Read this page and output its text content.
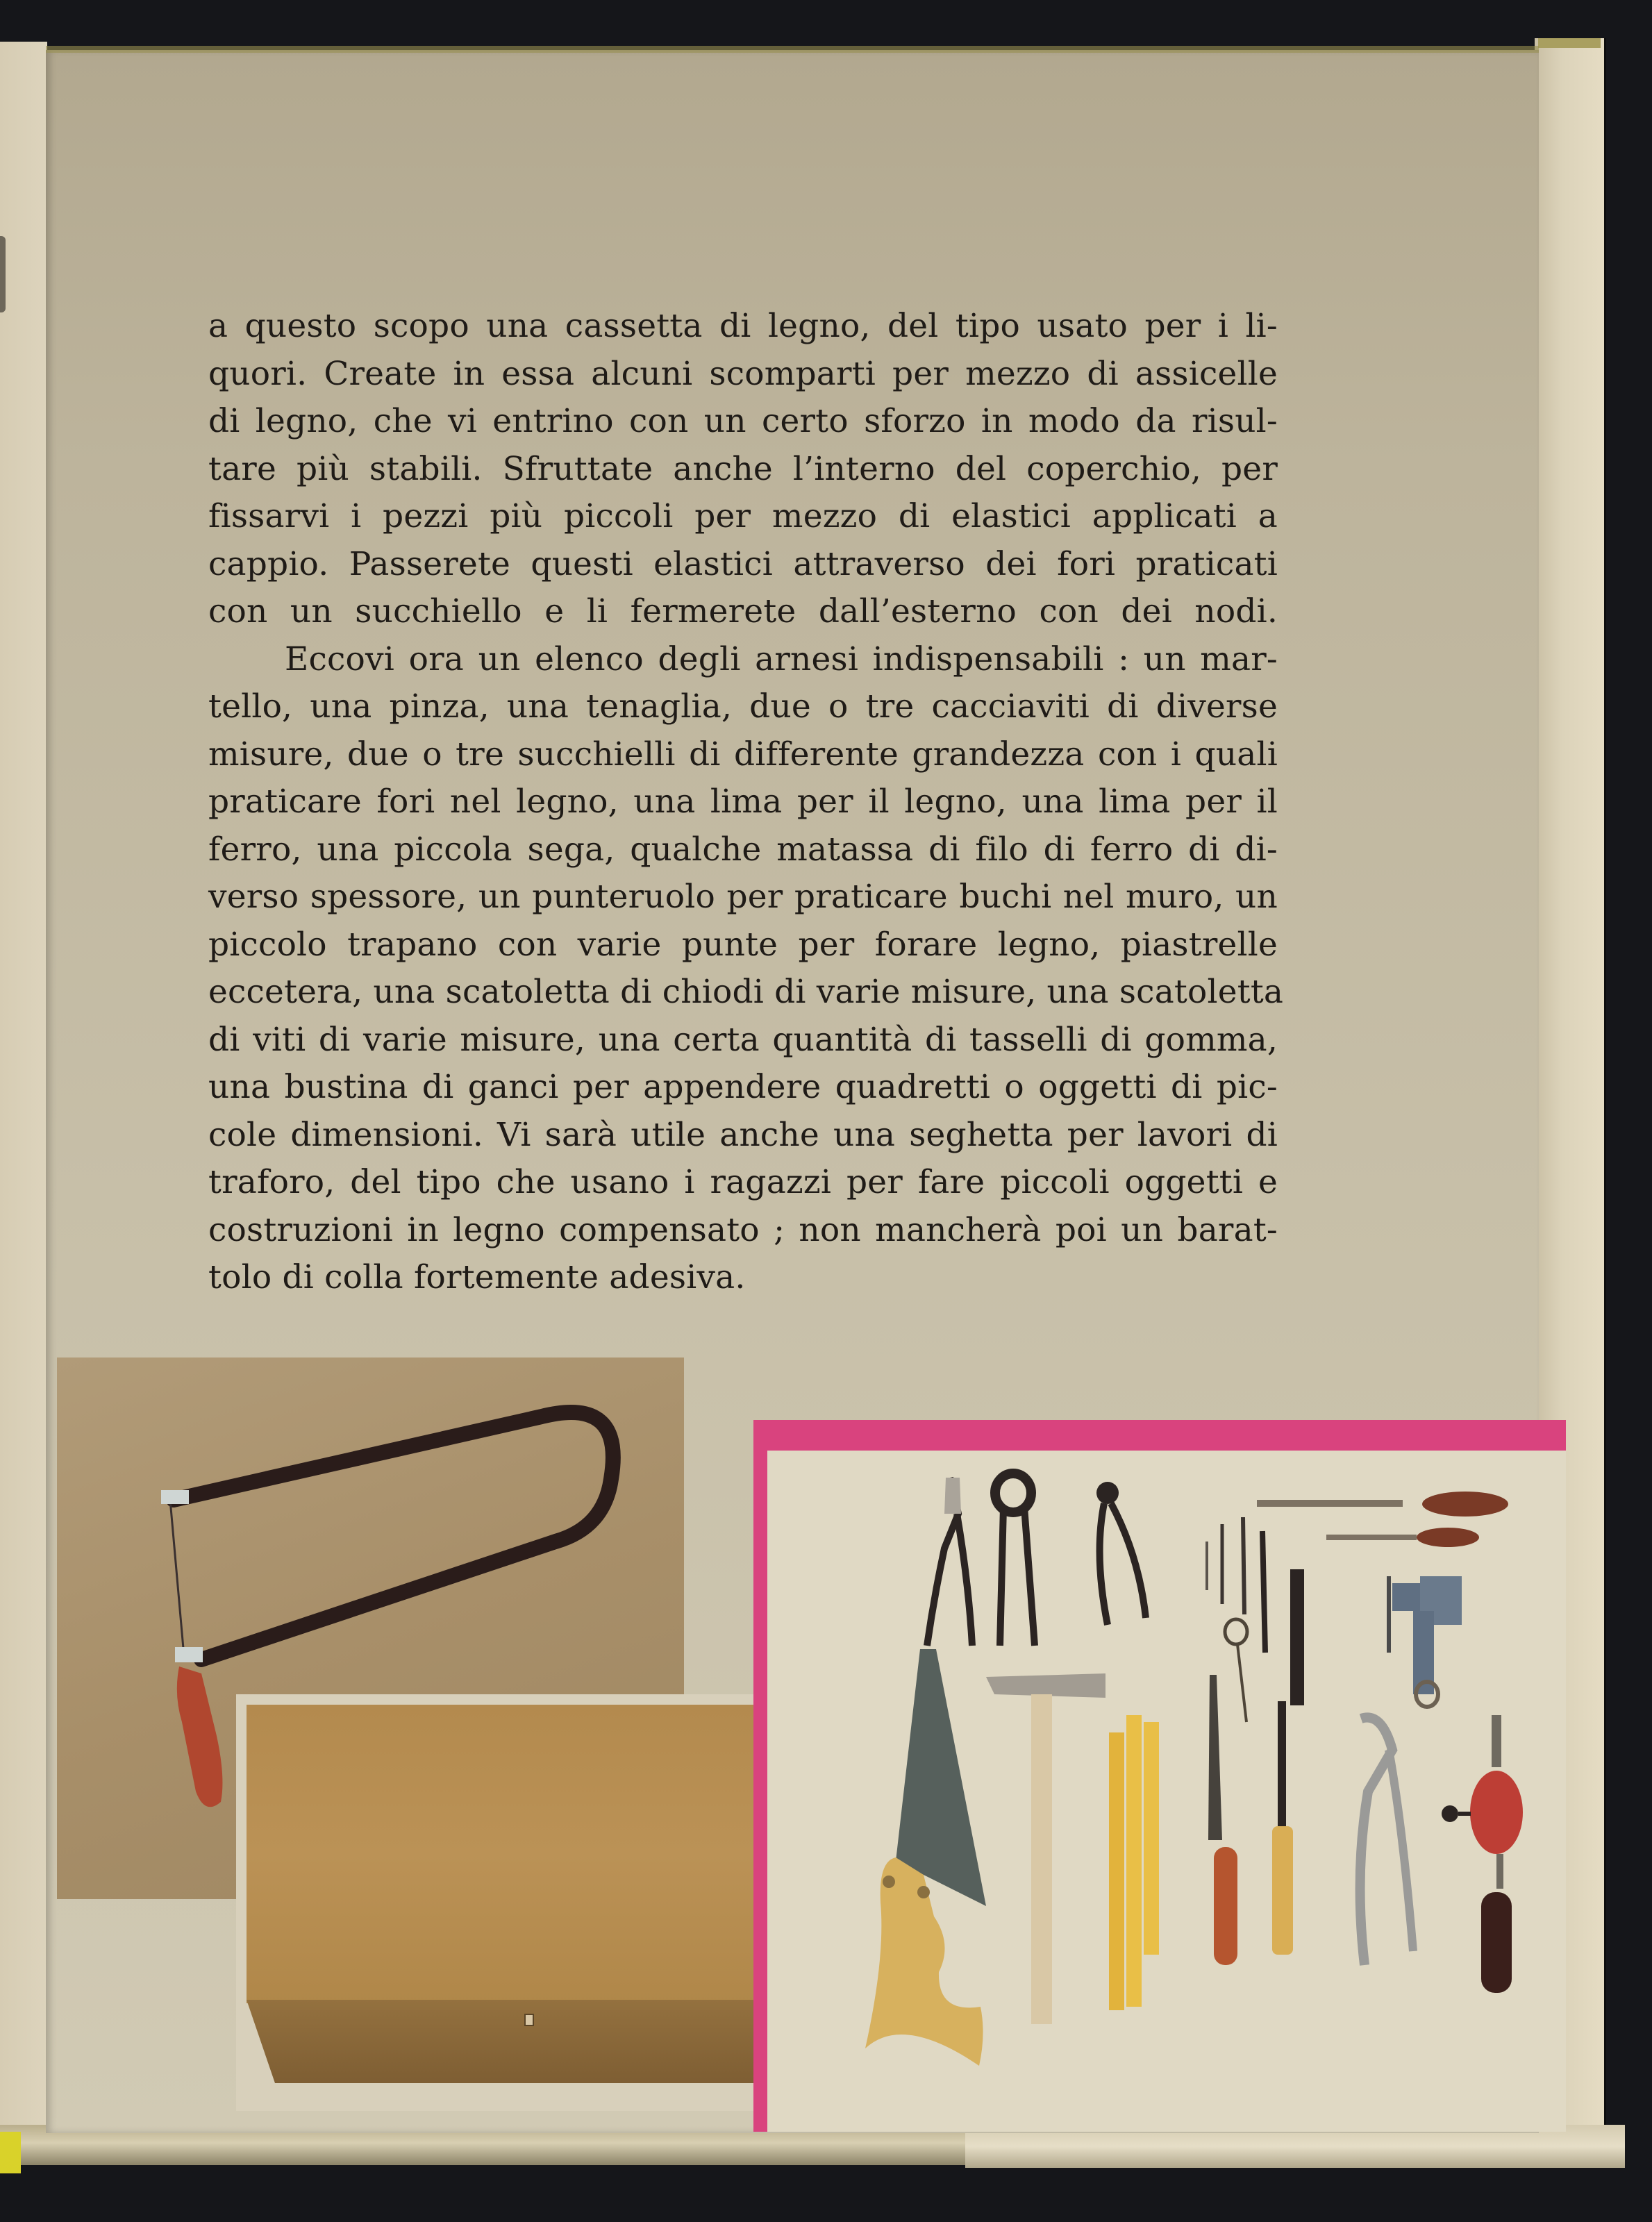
a questo scopo una cassetta di legno, del tipo usato per i li-
quori. Create in essa alcuni scomparti per mezzo di assicelle
di legno, che vi entrino con un certo sforzo in modo da risul-
tare più stabili. Sfruttate anche l’interno del coperchio, per
fissarvi i pezzi più piccoli per mezzo di elastici applicati a
cappio. Passerete questi elastici attraverso dei fori praticati
con un succhiello e li fermerete dall’esterno con dei nodi.
Eccovi ora un elenco degli arnesi indispensabili : un mar-
tello, una pinza, una tenaglia, due o tre cacciaviti di diverse
misure, due o tre succhielli di differente grandezza con i quali
praticare fori nel legno, una lima per il legno, una lima per il
ferro, una piccola sega, qualche matassa di filo di ferro di di-
verso spessore, un punteruolo per praticare buchi nel muro, un
piccolo trapano con varie punte per forare legno, piastrelle
eccetera, una scatoletta di chiodi di varie misure, una scatoletta
di viti di varie misure, una certa quantità di tasselli di gomma,
una bustina di ganci per appendere quadretti o oggetti di pic-
cole dimensioni. Vi sarà utile anche una seghetta per lavori di
traforo, del tipo che usano i ragazzi per fare piccoli oggetti e
costruzioni in legno compensato ; non mancherà poi un barat-
tolo di colla fortemente adesiva.
